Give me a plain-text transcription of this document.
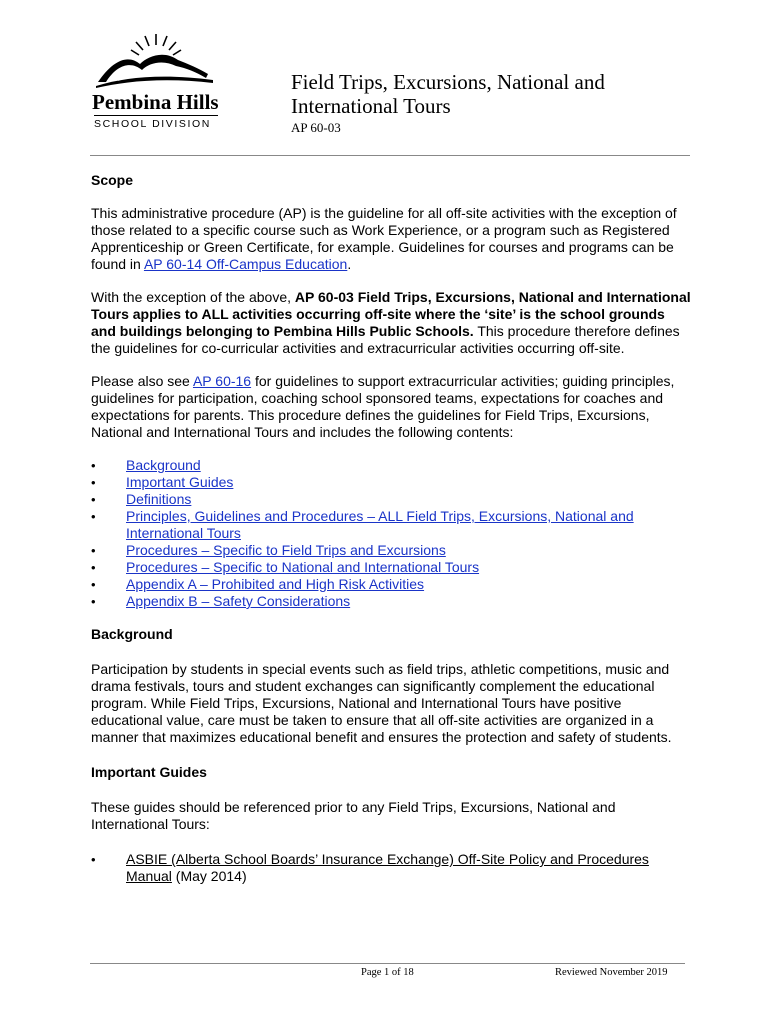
Pembina Hills
SCHOOL DIVISION
Field Trips, Excursions, National and International Tours
AP 60-03
Scope

This administrative procedure (AP) is the guideline for all off-site activities with the exception of those related to a specific course such as Work Experience, or a program such as Registered Apprenticeship or Green Certificate, for example. Guidelines for courses and programs can be found in AP 60-14 Off-Campus Education.

With the exception of the above, AP 60-03 Field Trips, Excursions, National and International Tours applies to ALL activities occurring off-site where the ‘site’ is the school grounds and buildings belonging to Pembina Hills Public Schools. This procedure therefore defines the guidelines for co-curricular activities and extracurricular activities occurring off-site.

Please also see AP 60-16 for guidelines to support extracurricular activities; guiding principles, guidelines for participation, coaching school sponsored teams, expectations for coaches and expectations for parents. This procedure defines the guidelines for Field Trips, Excursions, National and International Tours and includes the following contents:

• Background
• Important Guides
• Definitions
• Principles, Guidelines and Procedures – ALL Field Trips, Excursions, National and International Tours
• Procedures – Specific to Field Trips and Excursions
• Procedures – Specific to National and International Tours
• Appendix A – Prohibited and High Risk Activities
• Appendix B – Safety Considerations
Background

Participation by students in special events such as field trips, athletic competitions, music and drama festivals, tours and student exchanges can significantly complement the educational program. While Field Trips, Excursions, National and International Tours have positive educational value, care must be taken to ensure that all off-site activities are organized in a manner that maximizes educational benefit and ensures the protection and safety of students.

Important Guides

These guides should be referenced prior to any Field Trips, Excursions, National and International Tours:

• ASBIE (Alberta School Boards’ Insurance Exchange) Off-Site Policy and Procedures Manual (May 2014)
Page 1 of 18	Reviewed November 2019
